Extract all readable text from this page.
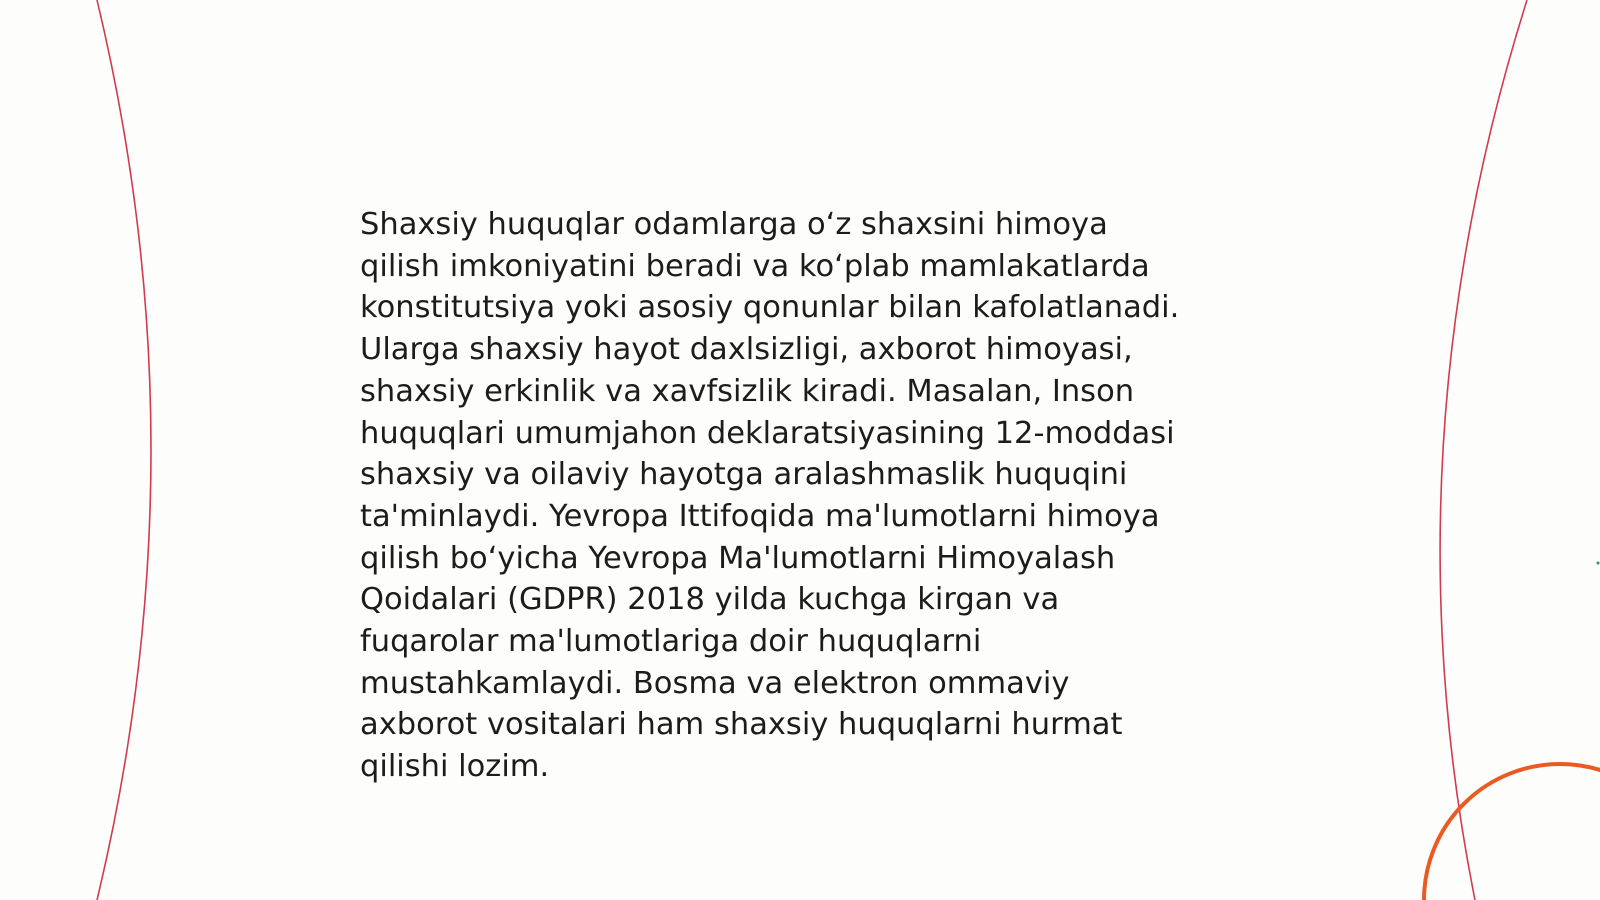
Shaxsiy huquqlar odamlarga o‘z shaxsini himoya
qilish imkoniyatini beradi va ko‘plab mamlakatlarda
konstitutsiya yoki asosiy qonunlar bilan kafolatlanadi.
Ularga shaxsiy hayot daxlsizligi, axborot himoyasi,
shaxsiy erkinlik va xavfsizlik kiradi. Masalan, Inson
huquqlari umumjahon deklaratsiyasining 12-moddasi
shaxsiy va oilaviy hayotga aralashmaslik huquqini
ta'minlaydi. Yevropa Ittifoqida ma'lumotlarni himoya
qilish bo‘yicha Yevropa Ma'lumotlarni Himoyalash
Qoidalari (GDPR) 2018 yilda kuchga kirgan va
fuqarolar ma'lumotlariga doir huquqlarni
mustahkamlaydi. Bosma va elektron ommaviy
axborot vositalari ham shaxsiy huquqlarni hurmat
qilishi lozim.
